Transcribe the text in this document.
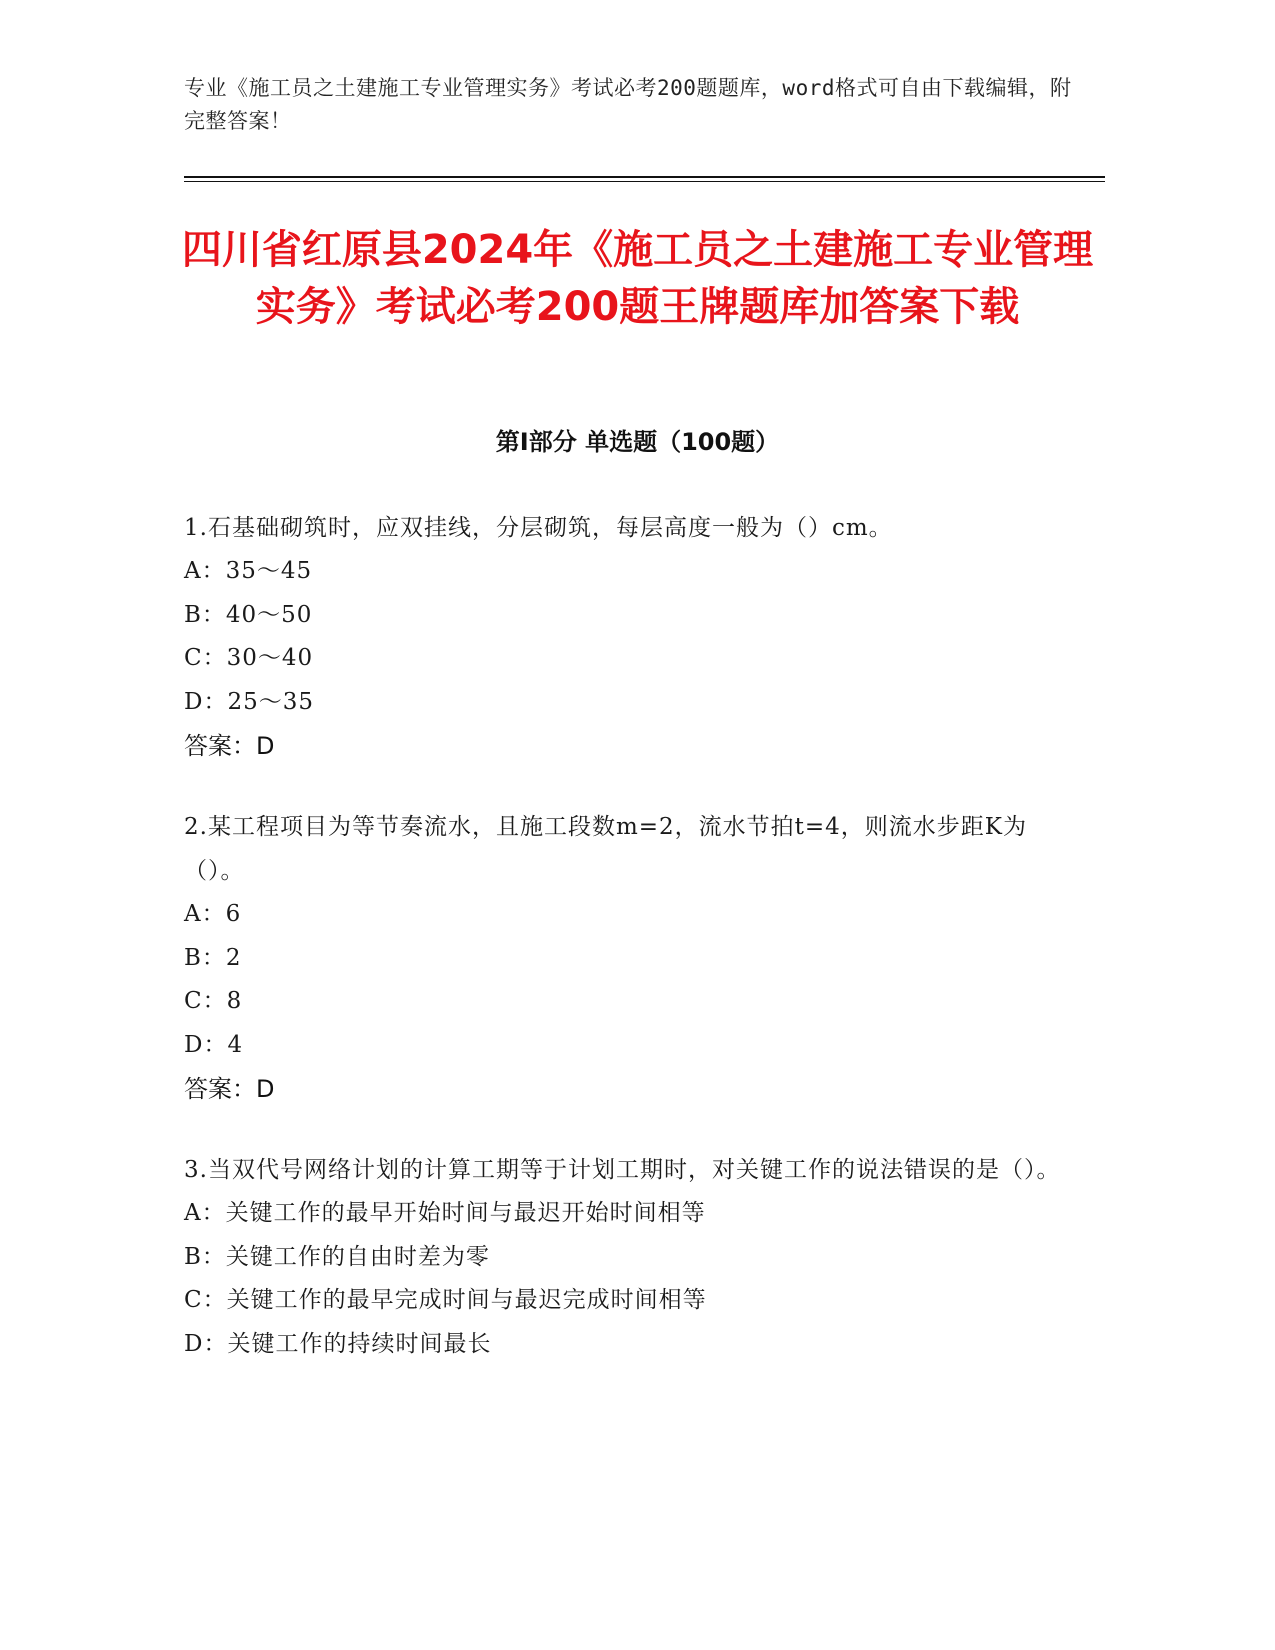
专业《施工员之土建施工专业管理实务》考试必考200题题库，word格式可自由下载编辑，附完整答案！
四川省红原县2024年《施工员之土建施工专业管理实务》考试必考200题王牌题库加答案下载
第I部分 单选题（100题）
1.石基础砌筑时，应双挂线，分层砌筑，每层高度一般为（）cm。
A：35～45
B：40～50
C：30～40
D：25～35
答案：D
2.某工程项目为等节奏流水，且施工段数m=2，流水节拍t=4，则流水步距K为（）。
A：6
B：2
C：8
D：4
答案：D
3.当双代号网络计划的计算工期等于计划工期时，对关键工作的说法错误的是（）。
A：关键工作的最早开始时间与最迟开始时间相等
B：关键工作的自由时差为零
C：关键工作的最早完成时间与最迟完成时间相等
D：关键工作的持续时间最长
